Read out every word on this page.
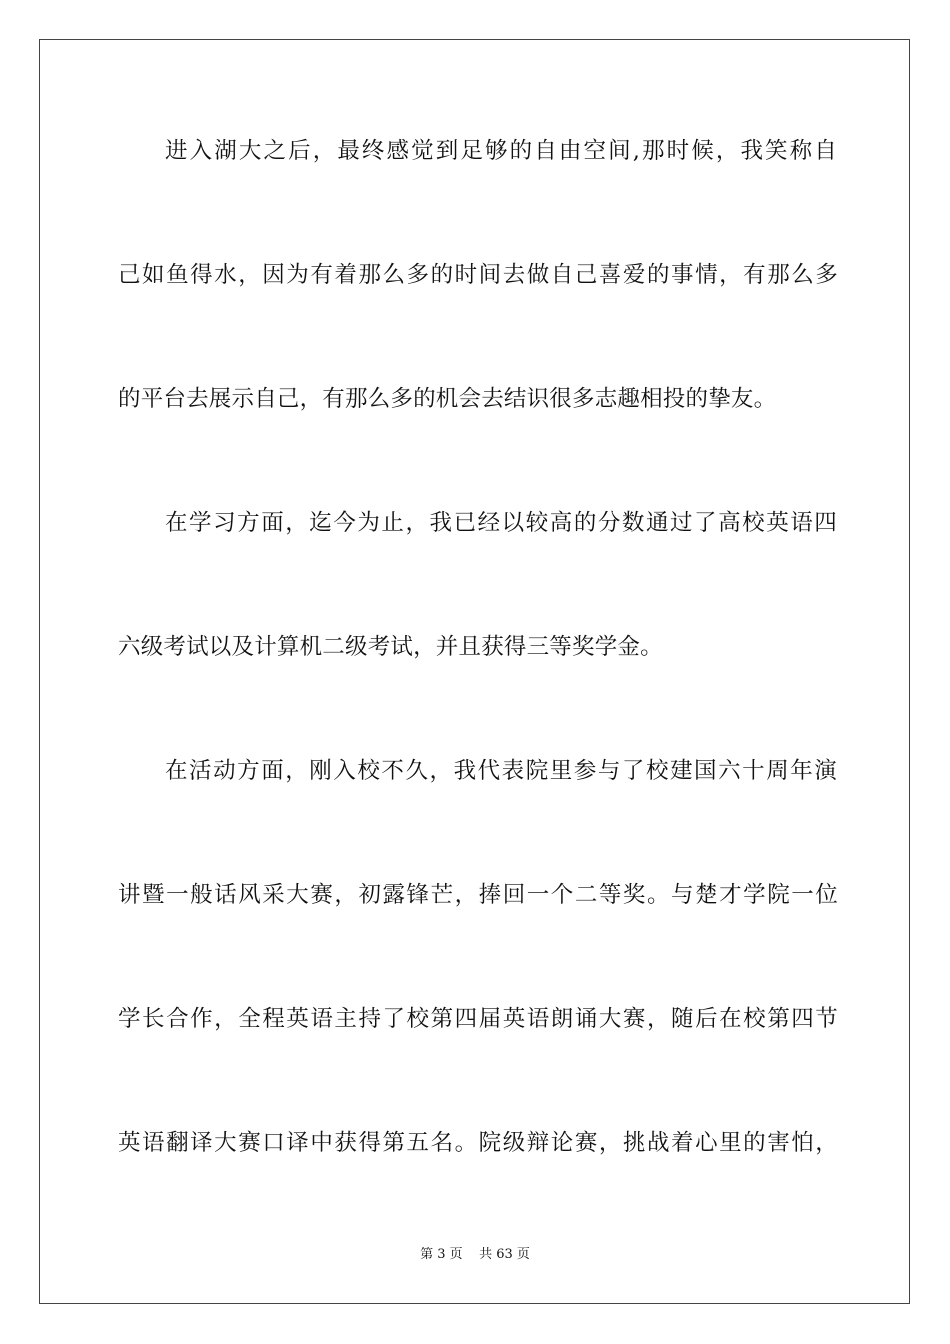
进入湖大之后，最终感觉到足够的自由空间,那时候，我笑称自
己如鱼得水，因为有着那么多的时间去做自己喜爱的事情，有那么多
的平台去展示自己，有那么多的机会去结识很多志趣相投的挚友。
在学习方面，迄今为止，我已经以较高的分数通过了高校英语四
六级考试以及计算机二级考试，并且获得三等奖学金。
在活动方面，刚入校不久，我代表院里参与了校建国六十周年演
讲暨一般话风采大赛，初露锋芒，捧回一个二等奖。与楚才学院一位
学长合作，全程英语主持了校第四届英语朗诵大赛，随后在校第四节
英语翻译大赛口译中获得第五名。院级辩论赛，挑战着心里的害怕，
第 3 页    共 63 页
